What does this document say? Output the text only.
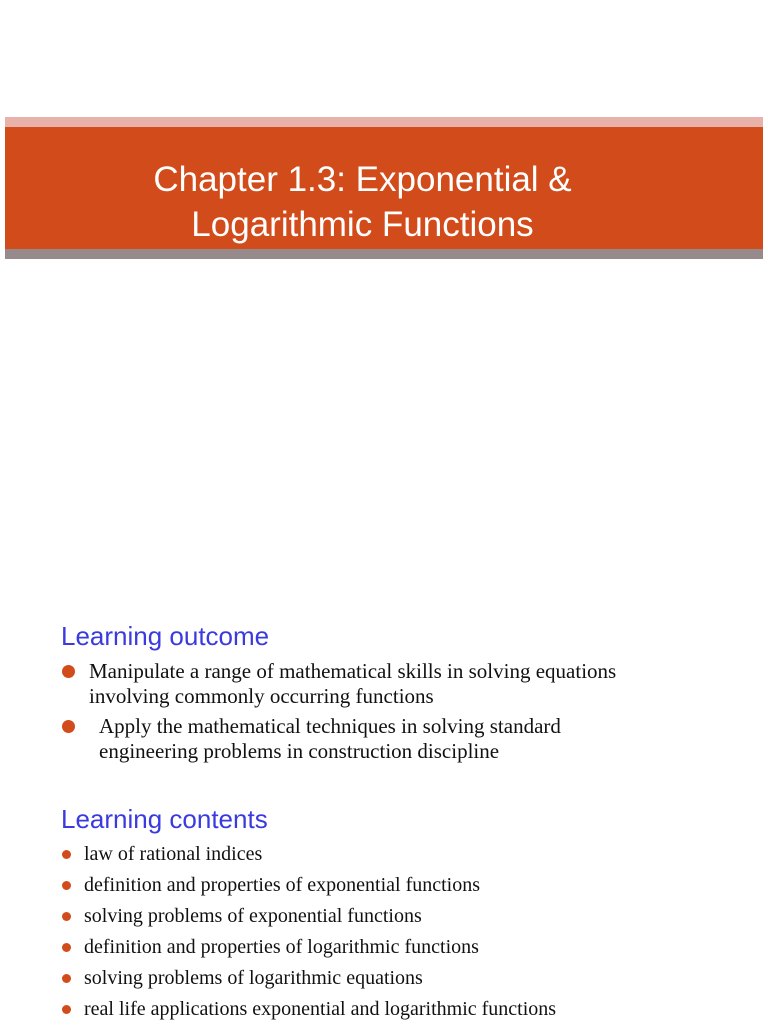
Chapter 1.3: Exponential &
Logarithmic Functions
Learning outcome
Manipulate a range of mathematical skills in solving equations
involving commonly occurring functions
Apply the mathematical techniques in solving standard
engineering problems in construction discipline
Learning contents
law of rational indices
definition and properties of exponential functions
solving problems of exponential functions
definition and properties of logarithmic functions
solving problems of logarithmic equations
real life applications exponential and logarithmic functions
